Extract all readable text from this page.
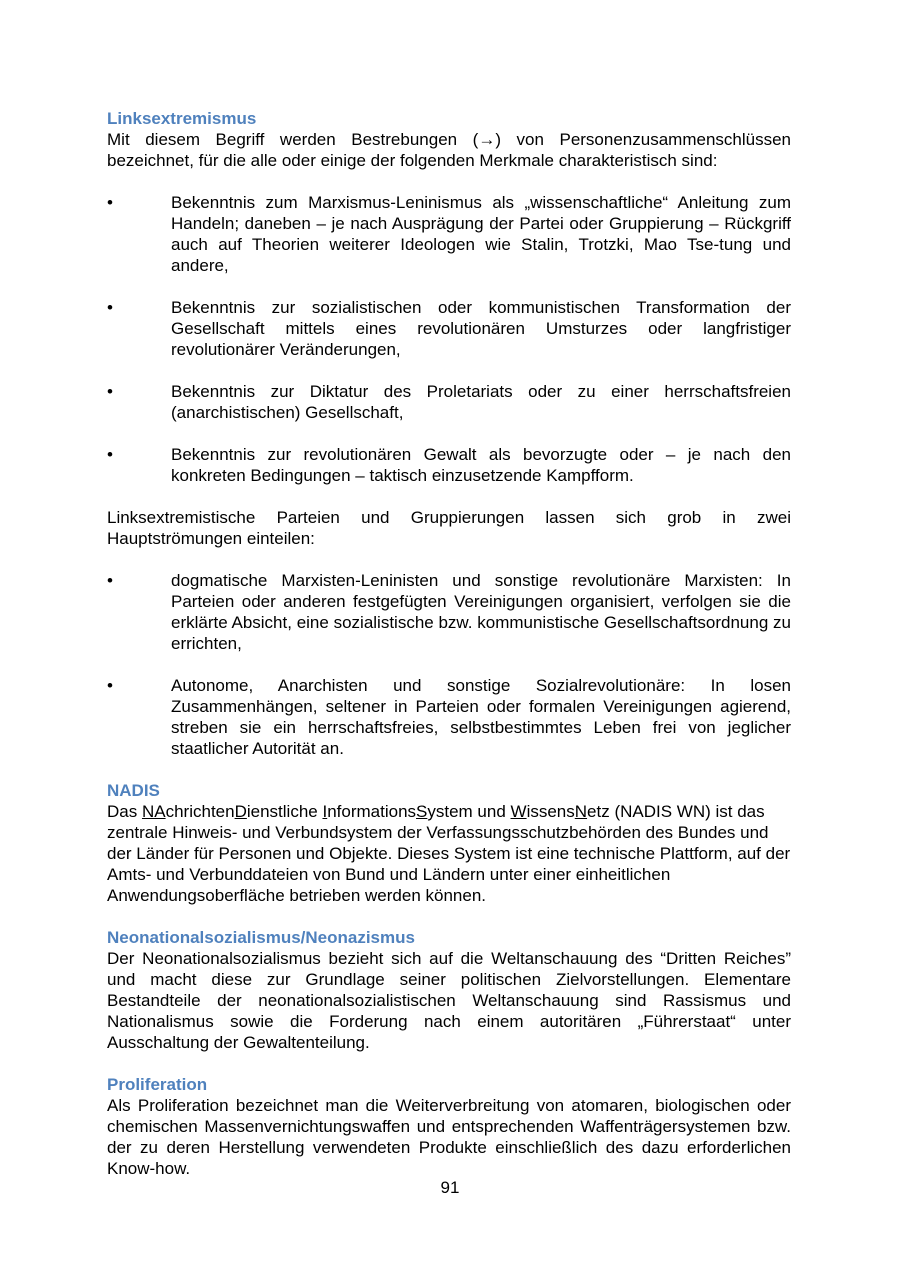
Linksextremismus

Mit diesem Begriff werden Bestrebungen (→) von Personenzusammenschlüssen bezeichnet, für die alle oder einige der folgenden Merkmale charakteristisch sind:

•	Bekenntnis zum Marxismus-Leninismus als „wissenschaftliche“ Anleitung zum Handeln; daneben – je nach Ausprägung der Partei oder Gruppierung – Rückgriff auch auf Theorien weiterer Ideologen wie Stalin, Trotzki, Mao Tse-tung und andere,
•	Bekenntnis zur sozialistischen oder kommunistischen Transformation der Gesellschaft mittels eines revolutionären Umsturzes oder langfristiger revolutionärer Veränderungen,
•	Bekenntnis zur Diktatur des Proletariats oder zu einer herrschaftsfreien (anarchistischen) Gesellschaft,
•	Bekenntnis zur revolutionären Gewalt als bevorzugte oder – je nach den konkreten Bedingungen – taktisch einzusetzende Kampfform.

Linksextremistische Parteien und Gruppierungen lassen sich grob in zwei Hauptströmungen einteilen:

•	dogmatische Marxisten-Leninisten und sonstige revolutionäre Marxisten: In Parteien oder anderen festgefügten Vereinigungen organisiert, verfolgen sie die erklärte Absicht, eine sozialistische bzw. kommunistische Gesellschaftsordnung zu errichten,
•	Autonome, Anarchisten und sonstige Sozialrevolutionäre: In losen Zusammenhängen, seltener in Parteien oder formalen Vereinigungen agierend, streben sie ein herrschaftsfreies, selbstbestimmtes Leben frei von jeglicher staatlicher Autorität an.
NADIS

Das NAchrichtenDienstliche InformationsSystem und WissensNetz (NADIS WN) ist das zentrale Hinweis- und Verbundsystem der Verfassungsschutzbehörden des Bundes und der Länder für Personen und Objekte. Dieses System ist eine technische Plattform, auf der Amts- und Verbunddateien von Bund und Ländern unter einer einheitlichen Anwendungsoberfläche betrieben werden können.

Neonationalsozialismus/Neonazismus

Der Neonationalsozialismus bezieht sich auf die Weltanschauung des “Dritten Reiches” und macht diese zur Grundlage seiner politischen Zielvorstellungen. Elementare Bestandteile der neonationalsozialistischen Weltanschauung sind Rassismus und Nationalismus sowie die Forderung nach einem autoritären „Führerstaat“ unter Ausschaltung der Gewaltenteilung.

Proliferation

Als Proliferation bezeichnet man die Weiterverbreitung von atomaren, biologischen oder chemischen Massenvernichtungswaffen und entsprechenden Waffenträgersystemen bzw. der zu deren Herstellung verwendeten Produkte einschließlich des dazu erforderlichen Know-how.

91
